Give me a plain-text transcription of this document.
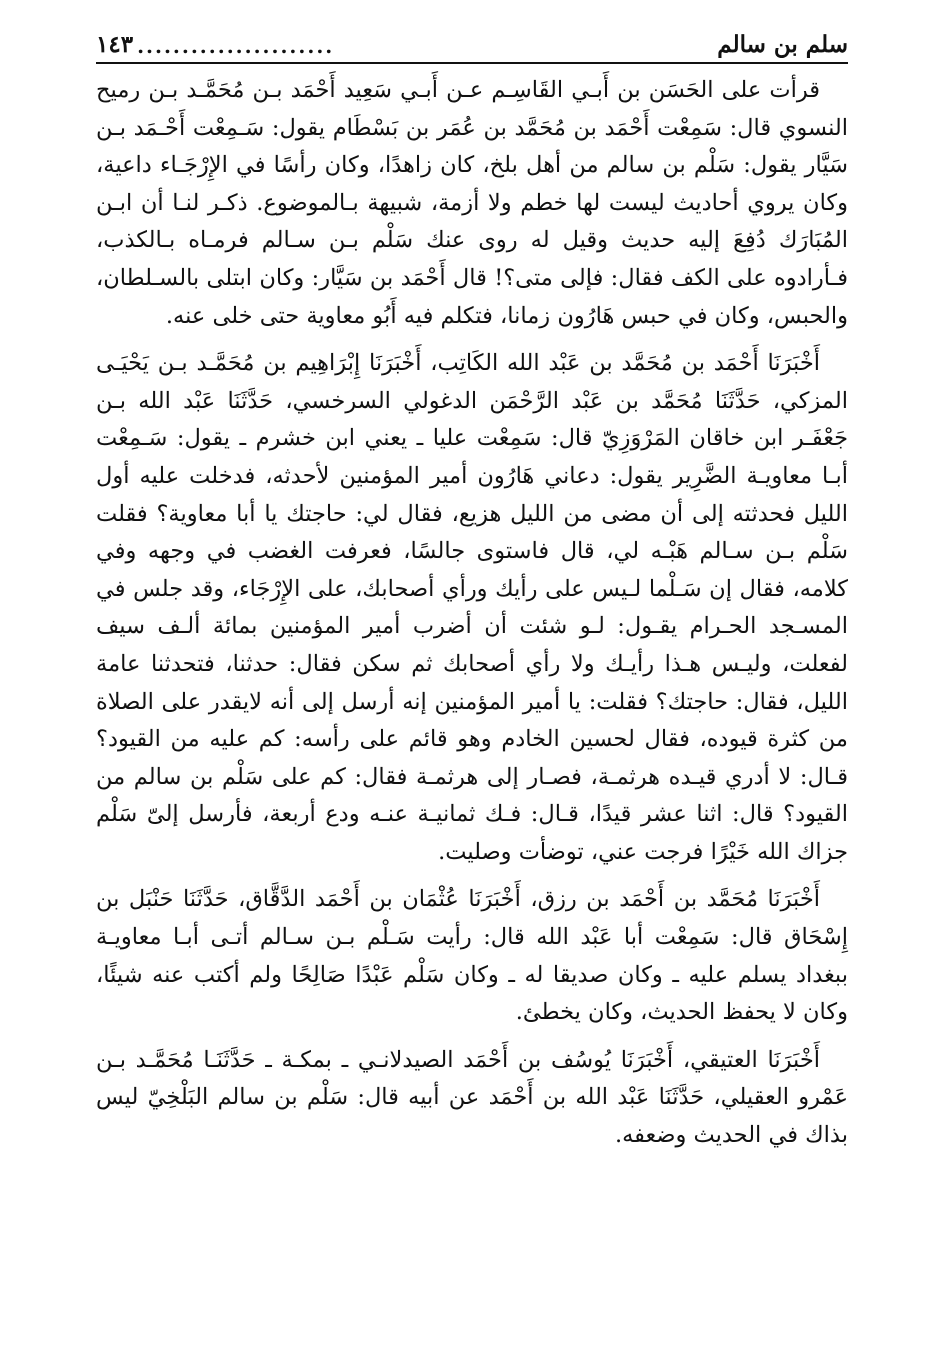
سلم بن سالم
......................
١٤٣

قرأت على الحَسَن بن أَبـي القَاسِـم عـن أَبـي سَعِيد أَحْمَد بـن مُحَمَّـد بـن رميح النسوي قال: سَمِعْت أَحْمَد بن مُحَمَّد بن عُمَر بن بَسْطَام يقول: سَـمِعْت أَحْـمَد بـن سَيَّار يقول: سَلْم بن سالم من أهل بلخ، كان زاهدًا، وكان رأسًا في الإِرْجَـاء داعية، وكان يروي أحاديث ليست لها خطم ولا أزمة، شبيهة بـالموضوع. ذكـر لنـا أن ابـن المُبَارَك دُفِعَ إليه حديث وقيل له روى عنك سَلْم بـن سـالم فرمـاه بـالكذب، فـأرادوه على الكف فقال: فإلى متى؟! قال أَحْمَد بن سَيَّار: وكان ابتلى بالسـلطان، والحبس، وكان في حبس هَارُون زمانا، فتكلم فيه أَبُو معاوية حتى خلى عنه.

أَخْبَرَنَا أَحْمَد بن مُحَمَّد بن عَبْد الله الكَاتِب، أَخْبَرَنَا إِبْرَاهِيم بن مُحَمَّـد بـن يَحْيَـى المزكي، حَدَّثَنَا مُحَمَّد بن عَبْد الرَّحْمَن الدغولي السرخسي، حَدَّثَنَا عَبْد الله بـن جَعْفَـر ابن خاقان المَرْوَزِيّ قال: سَمِعْت عليا ـ يعني ابن خشرم ـ يقول: سَـمِعْت أبـا معاويـة الضَّرِير يقول: دعاني هَارُون أمير المؤمنين لأحدثه، فدخلت عليه أول الليل فحدثته إلى أن مضى من الليل هزيع، فقال لي: حاجتك يا أبا معاوية؟ فقلت سَلْم بـن سـالم هَبْـه لي، قال فاستوى جالسًا، فعرفت الغضب في وجهه وفي كلامه، فقال إن سَـلْما لـيس على رأيك ورأي أصحابك، على الإِرْجَاء، وقد جلس في المسـجد الحـرام يقـول: لـو شئت أن أضرب أمير المؤمنين بمائة ألـف سيف لفعلت، وليـس هـذا رأيـك ولا رأي أصحابك ثم سكن فقال: حدثنا، فتحدثنا عامة الليل، فقال: حاجتك؟ فقلت: يا أمير المؤمنين إنه أرسل إلى أنه لايقدر على الصلاة من كثرة قيوده، فقال لحسين الخادم وهو قائم على رأسه: كم عليه من القيود؟ قـال: لا أدري قيـده هرثمـة، فصـار إلى هرثمـة فقال: كم على سَلْم بن سالم من القيود؟ قال: اثنا عشر قيدًا، قـال: فـك ثمانيـة عنـه ودع أربعة، فأرسل إلىّ سَلْم جزاك الله خَيْرًا فرجت عني، توضأت وصليت.

أَخْبَرَنَا مُحَمَّد بن أَحْمَد بن رزق، أَخْبَرَنَا عُثْمَان بن أَحْمَد الدَّقَّاق، حَدَّثَنَا حَنْبَل بن إِسْحَاق قال: سَمِعْت أبا عَبْد الله قال: رأيت سَـلْم بـن سـالم أتـى أبـا معاويـة ببغداد يسلم عليه ـ وكان صديقا له ـ وكان سَلْم عَبْدًا صَالِحًا ولم أكتب عنه شيئًا، وكان لا يحفظ الحديث، وكان يخطئ.

أَخْبَرَنَا العتيقي، أَخْبَرَنَا يُوسُف بن أَحْمَد الصيدلانـي ـ بمكـة ـ حَدَّثَنَـا مُحَمَّـد بـن عَمْرو العقيلي، حَدَّثَنَا عَبْد الله بن أَحْمَد عن أبيه قال: سَلْم بن سالم البَلْخِيّ ليس بذاك في الحديث وضعفه.
